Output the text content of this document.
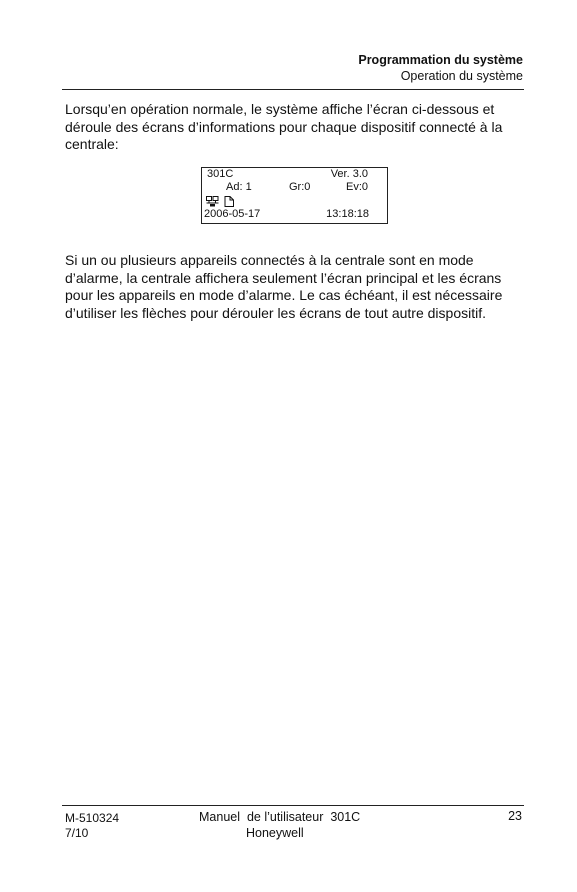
Programmation du système
Operation du système

Lorsqu’en opération normale, le système affiche l’écran ci-dessous et déroule des écrans d’informations pour chaque dispositif connecté à la centrale:

301C	Ver. 3.0
Ad: 1	Gr:0	Ev:0

2006-05-17	13:18:18

Si un ou plusieurs appareils connectés à la centrale sont en mode d’alarme, la centrale affichera seulement l’écran principal et les écrans pour les appareils en mode d’alarme. Le cas échéant, il est nécessaire d’utiliser les flèches pour dérouler les écrans de tout autre dispositif.

M-510324
7/10
Manuel  de l’utilisateur  301C
Honeywell
23
